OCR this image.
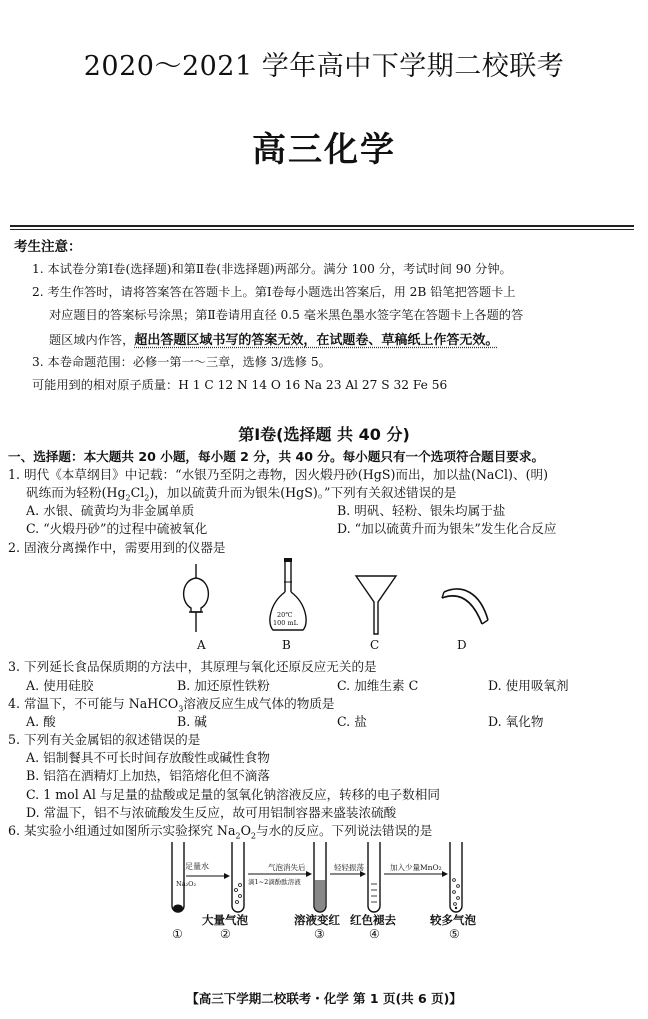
2020～2021 学年高中下学期二校联考
高三化学
考生注意：
1. 本试卷分第Ⅰ卷(选择题)和第Ⅱ卷(非选择题)两部分。满分 100 分，考试时间 90 分钟。
2. 考生作答时，请将答案答在答题卡上。第Ⅰ卷每小题选出答案后，用 2B 铅笔把答题卡上
对应题目的答案标号涂黑；第Ⅱ卷请用直径 0.5 毫米黑色墨水签字笔在答题卡上各题的答
题区域内作答，超出答题区域书写的答案无效，在试题卷、草稿纸上作答无效。
3. 本卷命题范围：必修一第一～三章，选修 3/选修 5。
可能用到的相对原子质量：H 1 C 12 N 14 O 16 Na 23 Al 27 S 32 Fe 56
第Ⅰ卷(选择题 共 40 分)
一、选择题：本大题共 20 小题，每小题 2 分，共 40 分。每小题只有一个选项符合题目要求。
1. 明代《本草纲目》中记载：“水银乃至阴之毒物，因火煅丹砂(HgS)而出，加以盐(NaCl)、(明)
矾练而为轻粉$(Hg_2Cl_2)$，加以硫黄升而为银朱(HgS)。”下列有关叙述错误的是
A. 水银、硫黄均为非金属单质	B. 明矾、轻粉、银朱均属于盐
C. “火煅丹砂”的过程中硫被氧化	D. “加以硫黄升而为银朱”发生化合反应
2. 固液分离操作中，需要用到的仪器是
20℃
100 mL
A	B	C	D
3. 下列延长食品保质期的方法中，其原理与氧化还原反应无关的是
A. 使用硅胶	B. 加还原性铁粉	C. 加维生素 C	D. 使用吸氧剂
4. 常温下，不可能与 NaHCO$_3$溶液反应生成气体的物质是
A. 酸	B. 碱	C. 盐	D. 氧化物
5. 下列有关金属铝的叙述错误的是
A. 铝制餐具不可长时间存放酸性或碱性食物
B. 铝箔在酒精灯上加热，铝箔熔化但不滴落
C. 1 mol Al 与足量的盐酸或足量的氢氧化钠溶液反应，转移的电子数相同
D. 常温下，铝不与浓硫酸发生反应，故可用铝制容器来盛装浓硫酸
6. 某实验小组通过如图所示实验探究 $Na_2O_2$与水的反应。下列说法错误的是
足量水
Na₂O₂
气泡消失后
滴1~2滴酚酞溶液
轻轻振荡	加入少量MnO₂
大量气泡	溶液变红 红色褪去	较多气泡
①	②	③	④	⑤
【高三下学期二校联考・化学 第 1 页(共 6 页)】
